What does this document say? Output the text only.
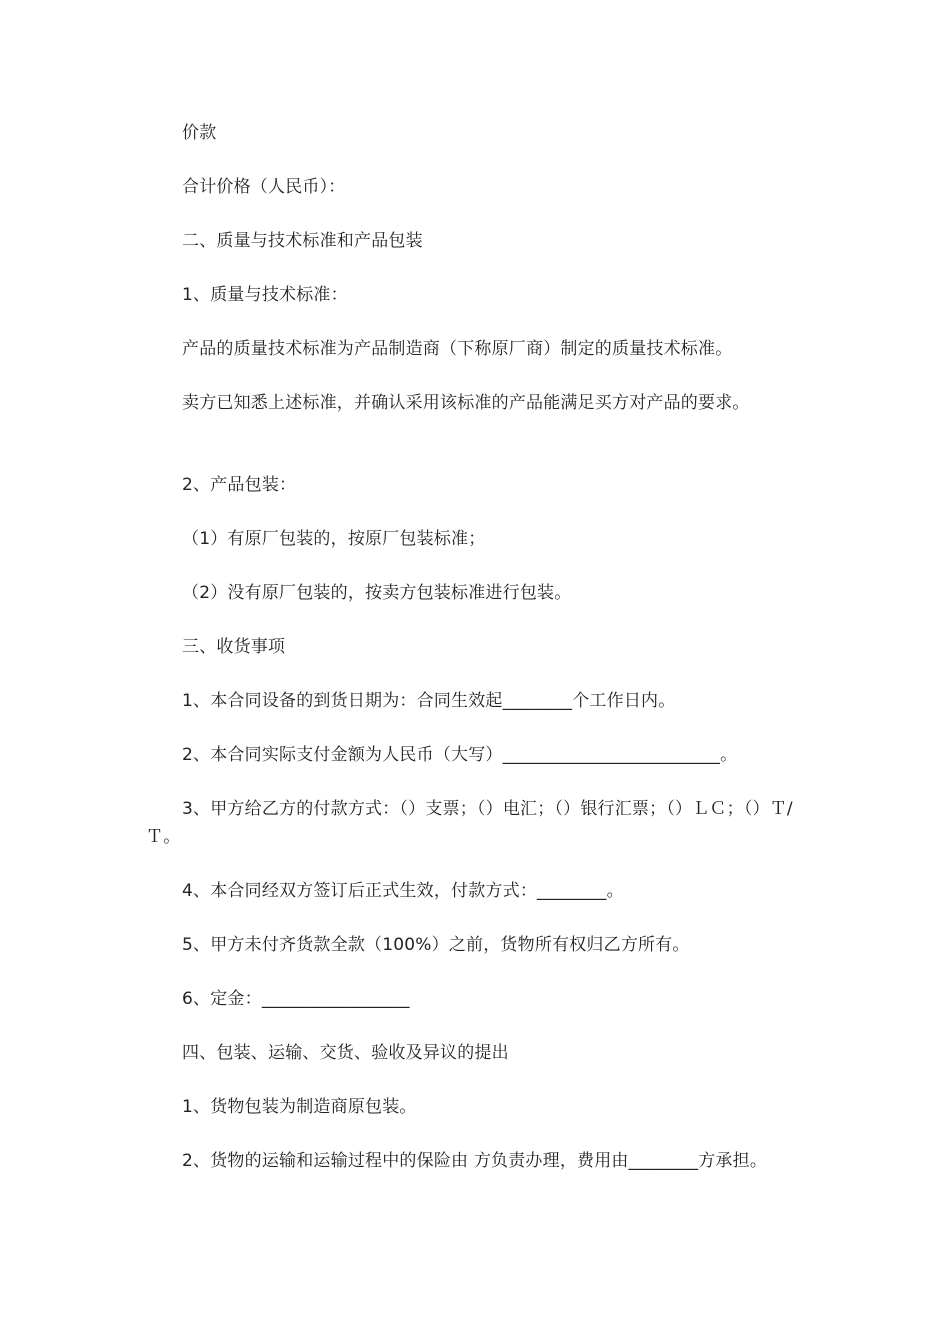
价款

合计价格（人民币）：

二、质量与技术标准和产品包装

1、质量与技术标准：

产品的质量技术标准为产品制造商（下称原厂商）制定的质量技术标准。

卖方已知悉上述标准，并确认采用该标准的产品能满足买方对产品的要求。

2、产品包装：

（1）有原厂包装的，按原厂包装标准；

（2）没有原厂包装的，按卖方包装标准进行包装。

三、收货事项

1、本合同设备的到货日期为：合同生效起________个工作日内。

2、本合同实际支付金额为人民币（大写）_________________________。

3、甲方给乙方的付款方式：（）支票；（）电汇；（）银行汇票；（）ＬＣ；（）Ｔ/Ｔ。

4、本合同经双方签订后正式生效，付款方式：________。

5、甲方未付齐货款全款（100%）之前，货物所有权归乙方所有。

6、定金：_________________

四、包装、运输、交货、验收及异议的提出

1、货物包装为制造商原包装。

2、货物的运输和运输过程中的保险由 方负责办理，费用由________方承担。
